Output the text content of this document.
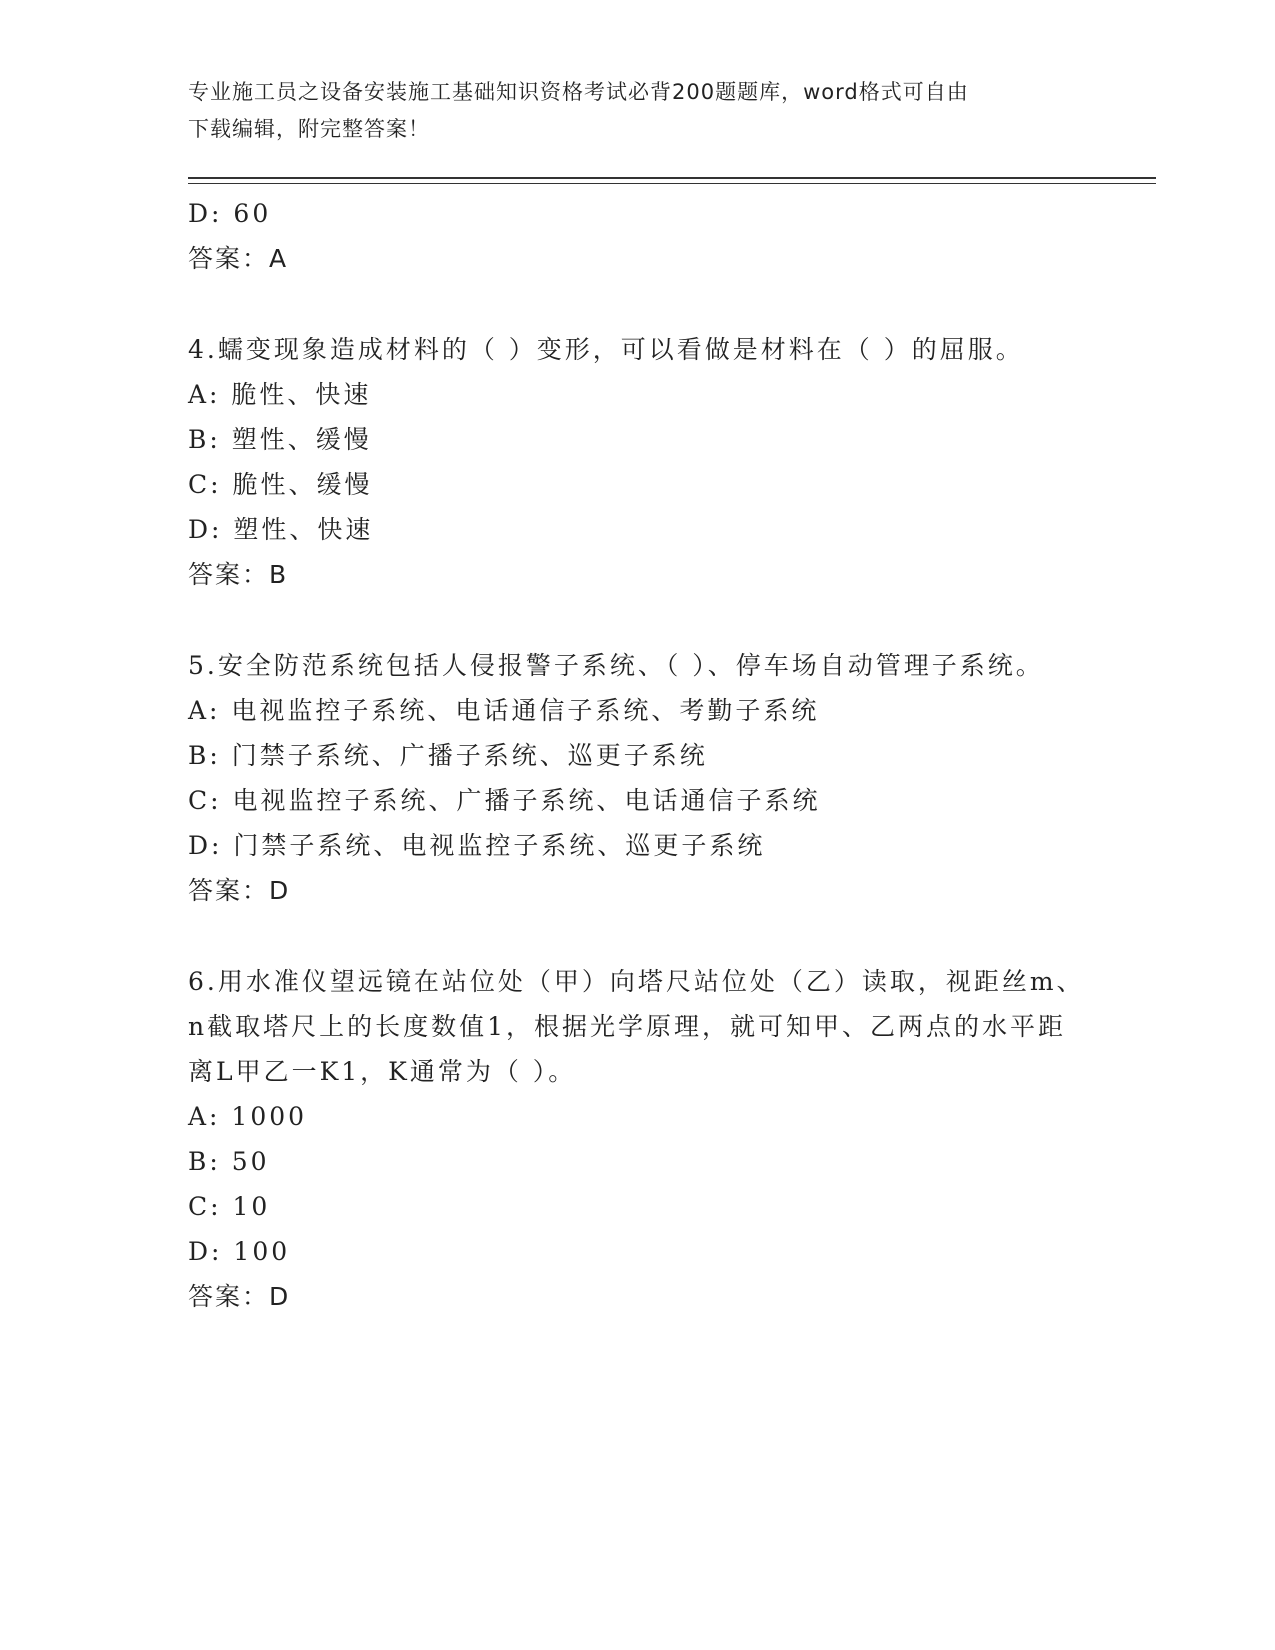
专业施工员之设备安装施工基础知识资格考试必背200题题库，word格式可自由
下载编辑，附完整答案！
D: 60
答案：A
4.蠕变现象造成材料的（ ）变形，可以看做是材料在（ ）的屈服。
A: 脆性、快速
B: 塑性、缓慢
C: 脆性、缓慢
D: 塑性、快速
答案：B
5.安全防范系统包括人侵报警子系统、（ ）、停车场自动管理子系统。
A: 电视监控子系统、电话通信子系统、考勤子系统
B: 门禁子系统、广播子系统、巡更子系统
C: 电视监控子系统、广播子系统、电话通信子系统
D: 门禁子系统、电视监控子系统、巡更子系统
答案：D
6.用水准仪望远镜在站位处（甲）向塔尺站位处（乙）读取，视距丝m、n截取塔尺上的长度数值1，根据光学原理，就可知甲、乙两点的水平距离L甲乙一K1，K通常为（ ）。
A: 1000
B: 50
C: 10
D: 100
答案：D
